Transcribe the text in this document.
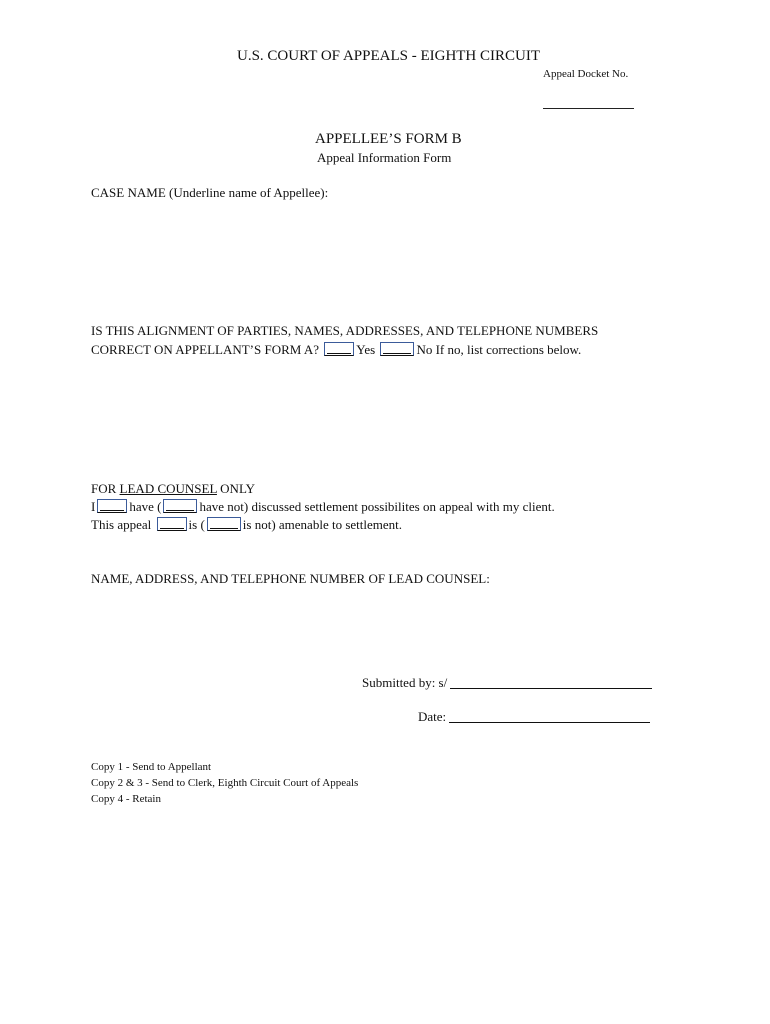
U.S. COURT OF APPEALS - EIGHTH CIRCUIT
Appeal Docket No.
APPELLEE’S FORM B
Appeal Information Form
CASE NAME (Underline name of Appellee):
IS THIS ALIGNMENT OF PARTIES, NAMES, ADDRESSES, AND TELEPHONE NUMBERS
CORRECT ON APPELLANT’S FORM A?	Yes	No If no, list corrections below.
FOR LEAD COUNSEL ONLY
I	have (	have not) discussed settlement possibilites on appeal with my client.
This appeal	is (	is not) amenable to settlement.
NAME, ADDRESS, AND TELEPHONE NUMBER OF LEAD COUNSEL:
Submitted by: s/
Date:
Copy 1 - Send to Appellant
Copy 2 & 3 - Send to Clerk, Eighth Circuit Court of Appeals
Copy 4 - Retain
